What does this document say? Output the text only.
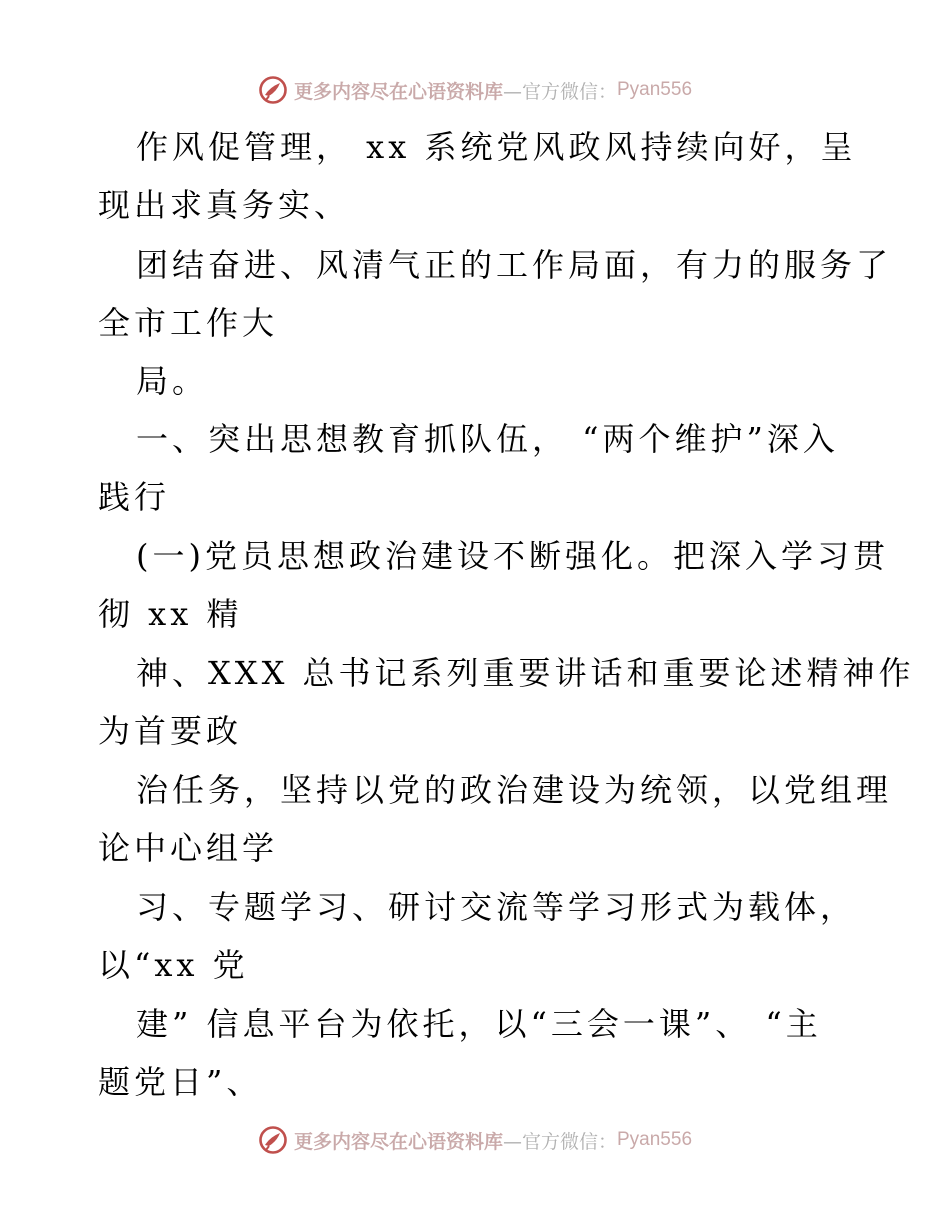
更多内容尽在心语资料库 —官方微信： Pyan556
作风促管理， xx 系统党风政风持续向好，呈
现出求真务实、
团结奋进、风清气正的工作局面，有力的服务了
全市工作大
局。
一、突出思想教育抓队伍， “两个维护”深入
践行
(一)党员思想政治建设不断强化。把深入学习贯
彻 xx 精
神、XXX 总书记系列重要讲话和重要论述精神作
为首要政
治任务，坚持以党的政治建设为统领，以党组理
论中心组学
习、专题学习、研讨交流等学习形式为载体，
以“xx 党
建” 信息平台为依托，以“三会一课”、 “主
题党日”、
更多内容尽在心语资料库 —官方微信： Pyan556
